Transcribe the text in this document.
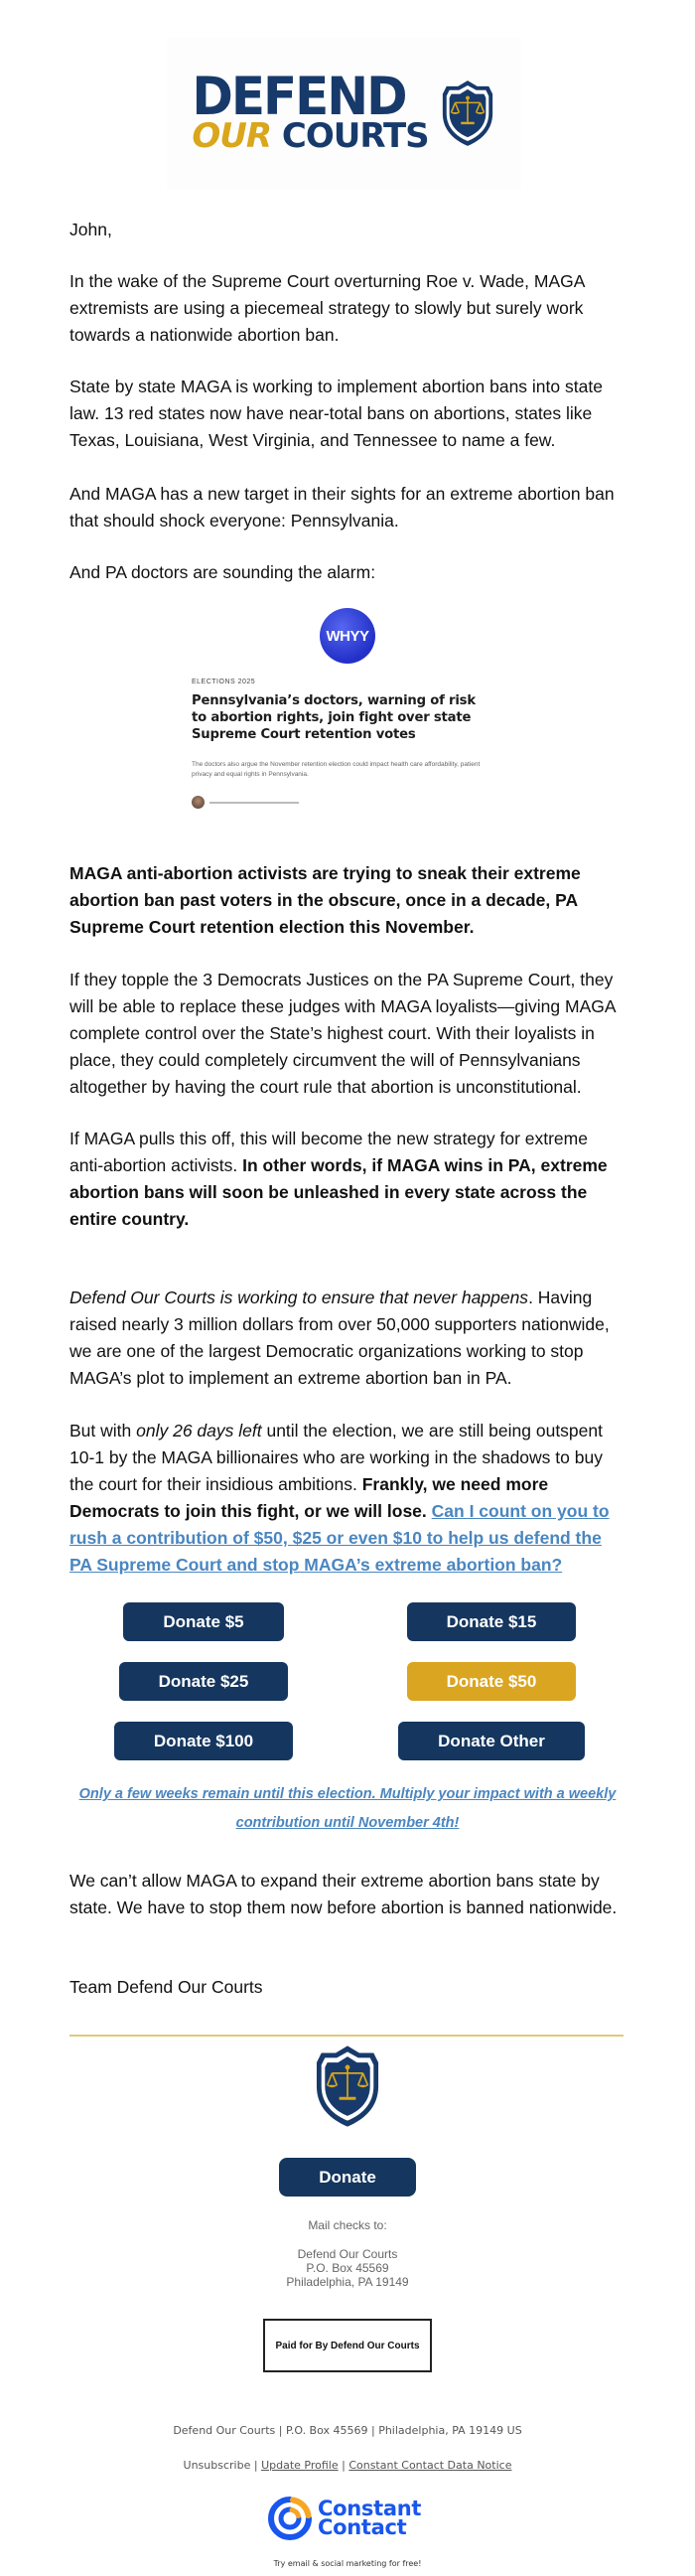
DEFEND
OUR COURTS
John,
In the wake of the Supreme Court overturning Roe v. Wade, MAGA extremists are using a piecemeal strategy to slowly but surely work towards a nationwide abortion ban.
State by state MAGA is working to implement abortion bans into state law. 13 red states now have near-total bans on abortions, states like Texas, Louisiana, West Virginia, and Tennessee to name a few.
And MAGA has a new target in their sights for an extreme abortion ban that should shock everyone: Pennsylvania.
And PA doctors are sounding the alarm:
WHYY
ELECTIONS 2025
Pennsylvania’s doctors, warning of risk to abortion rights, join fight over state Supreme Court retention votes
The doctors also argue the November retention election could impact health care affordability, patient privacy and equal rights in Pennsylvania.
MAGA anti-abortion activists are trying to sneak their extreme abortion ban past voters in the obscure, once in a decade, PA Supreme Court retention election this November.
If they topple the 3 Democrats Justices on the PA Supreme Court, they will be able to replace these judges with MAGA loyalists—giving MAGA complete control over the State’s highest court. With their loyalists in place, they could completely circumvent the will of Pennsylvanians altogether by having the court rule that abortion is unconstitutional.
If MAGA pulls this off, this will become the new strategy for extreme anti-abortion activists. In other words, if MAGA wins in PA, extreme abortion bans will soon be unleashed in every state across the entire country.
Defend Our Courts is working to ensure that never happens. Having raised nearly 3 million dollars from over 50,000 supporters nationwide, we are one of the largest Democratic organizations working to stop MAGA’s plot to implement an extreme abortion ban in PA.
But with only 26 days left until the election, we are still being outspent 10-1 by the MAGA billionaires who are working in the shadows to buy the court for their insidious ambitions. Frankly, we need more Democrats to join this fight, or we will lose. Can I count on you to rush a contribution of $50, $25 or even $10 to help us defend the PA Supreme Court and stop MAGA’s extreme abortion ban?
Donate $5	Donate $15
Donate $25	Donate $50
Donate $100	Donate Other
Only a few weeks remain until this election. Multiply your impact with a weekly contribution until November 4th!
We can’t allow MAGA to expand their extreme abortion bans state by state. We have to stop them now before abortion is banned nationwide.
Team Defend Our Courts
Donate
Mail checks to:
Defend Our Courts
P.O. Box 45569
Philadelphia, PA 19149
Paid for By Defend Our Courts
Defend Our Courts | P.O. Box 45569 | Philadelphia, PA 19149 US
Unsubscribe | Update Profile | Constant Contact Data Notice
Constant
Contact
Try email & social marketing for free!
